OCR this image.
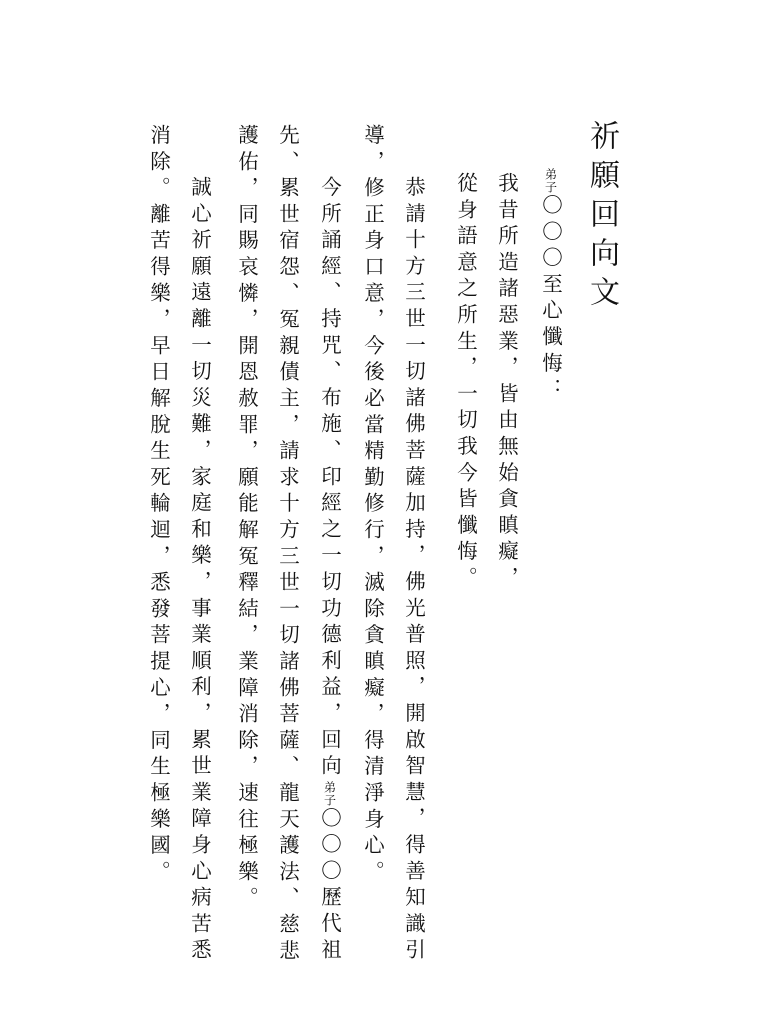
祈願回向文
弟子〇〇〇至心懺悔：
我昔所造諸惡業，皆由無始貪瞋癡，
從身語意之所生，一切我今皆懺悔。
恭請十方三世一切諸佛菩薩加持，佛光普照，開啟智慧，得善知識引
導，修正身口意，今後必當精勤修行，滅除貪瞋癡，得清淨身心。
今所誦經、持咒、布施、印經之一切功德利益，回向弟子〇〇〇歷代祖
先、累世宿怨、冤親債主，請求十方三世一切諸佛菩薩、龍天護法、慈悲
護佑，同賜哀憐，開恩赦罪，願能解冤釋結，業障消除，速往極樂。
誠心祈願遠離一切災難，家庭和樂，事業順利，累世業障身心病苦悉
消除。離苦得樂，早日解脫生死輪迴，悉發菩提心，同生極樂國。
